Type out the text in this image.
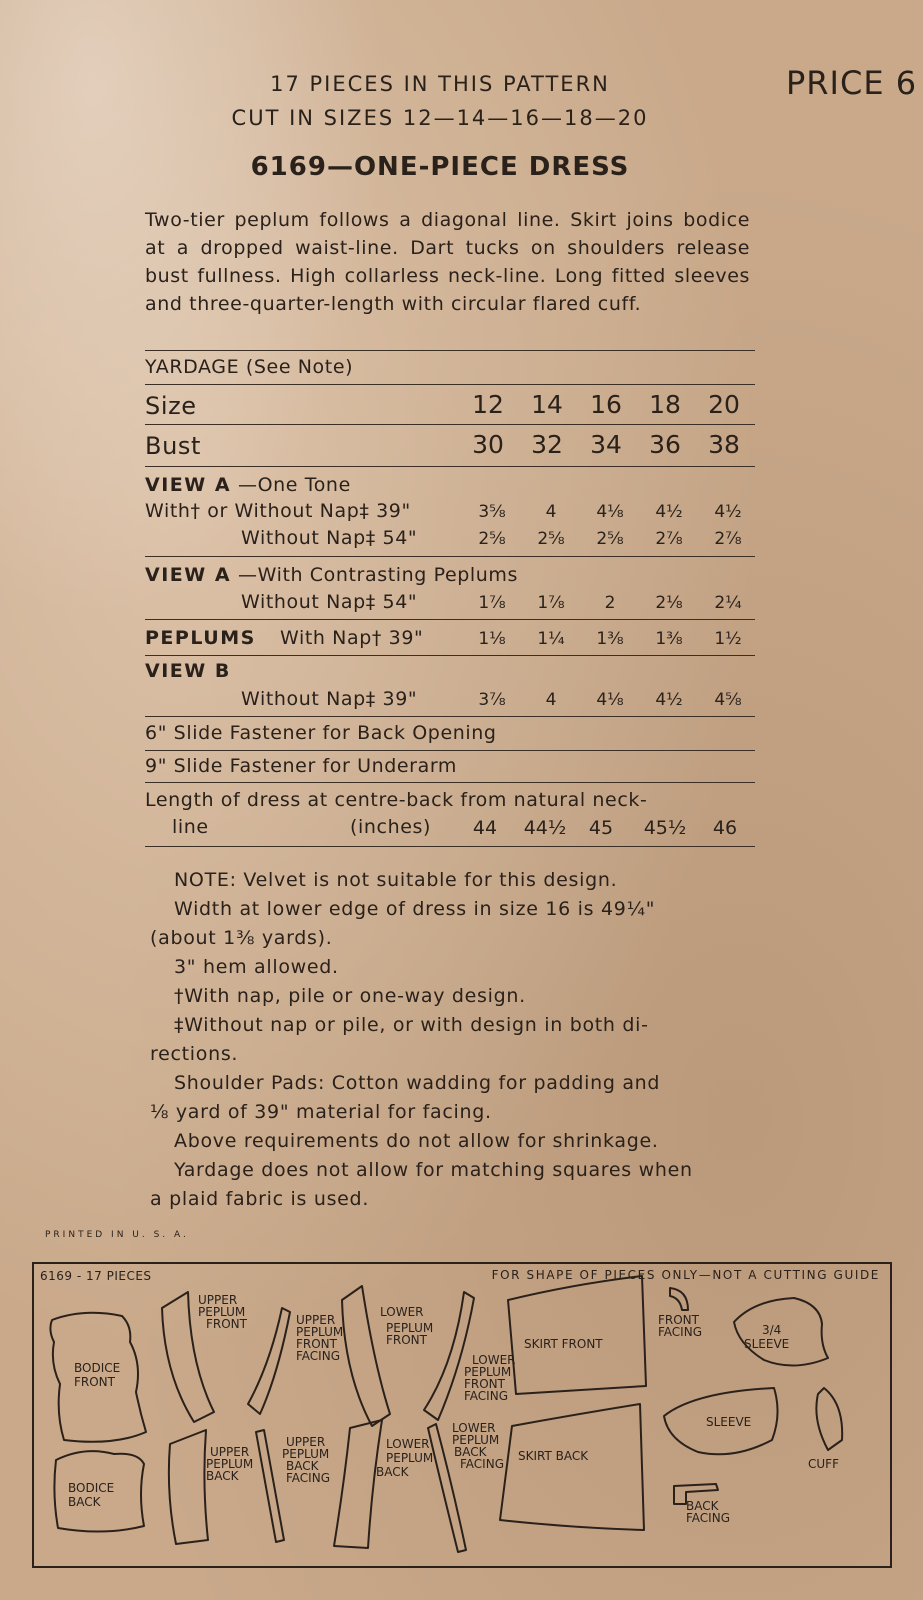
17 PIECES IN THIS PATTERN
CUT IN SIZES 12—14—16—18—20
PRICE 6
6169—ONE-PIECE DRESS
Two-tier peplum follows a diagonal line. Skirt joins bodice at a dropped waist-line. Dart tucks on shoulders release bust fullness. High collarless neck-line. Long fitted sleeves and three-quarter-length with circular flared cuff.
YARDAGE (See Note)
Size	12	14	16	18	20
Bust	30	32	34	36	38
VIEW A —One Tone
With† or Without Nap‡ 39"	3⅝	4	4⅛	4½	4½
Without Nap‡ 54"	2⅝	2⅝	2⅝	2⅞	2⅞
VIEW A —With Contrasting Peplums
Without Nap‡ 54"	1⅞	1⅞	2	2⅛	2¼
PEPLUMS With Nap† 39"	1⅛	1¼	1⅜	1⅜	1½
VIEW B
Without Nap‡ 39"	3⅞	4	4⅛	4½	4⅝
6" Slide Fastener for Back Opening
9" Slide Fastener for Underarm
Length of dress at centre-back from natural neck-
line	(inches)	44	44½	45	45½	46
NOTE: Velvet is not suitable for this design.
Width at lower edge of dress in size 16 is 49¼"
(about 1⅜ yards).
3" hem allowed.
†With nap, pile or one-way design.
‡Without nap or pile, or with design in both di-
rections.
Shoulder Pads: Cotton wadding for padding and
⅛ yard of 39" material for facing.
Above requirements do not allow for shrinkage.
Yardage does not allow for matching squares when
a plaid fabric is used.
PRINTED IN U. S. A.
6169 - 17 PIECES	FOR SHAPE OF PIECES ONLY—NOT A CUTTING GUIDE
BODICE
FRONT
BODICE
BACK
UPPER
PEPLUM
FRONT	UPPER
PEPLUM
FRONT
FACING
LOWER
PEPLUM
FRONT
LOWER
PEPLUM
FRONT
FACING
SKIRT FRONT
FRONT
FACING	3/4
SLEEVE
UPPER
PEPLUM
BACK
UPPER
PEPLUM
BACK
FACING
LOWER
PEPLUM
BACK
LOWER
PEPLUM
BACK
FACING
SKIRT BACK
SLEEVE
CUFF
BACK
FACING
